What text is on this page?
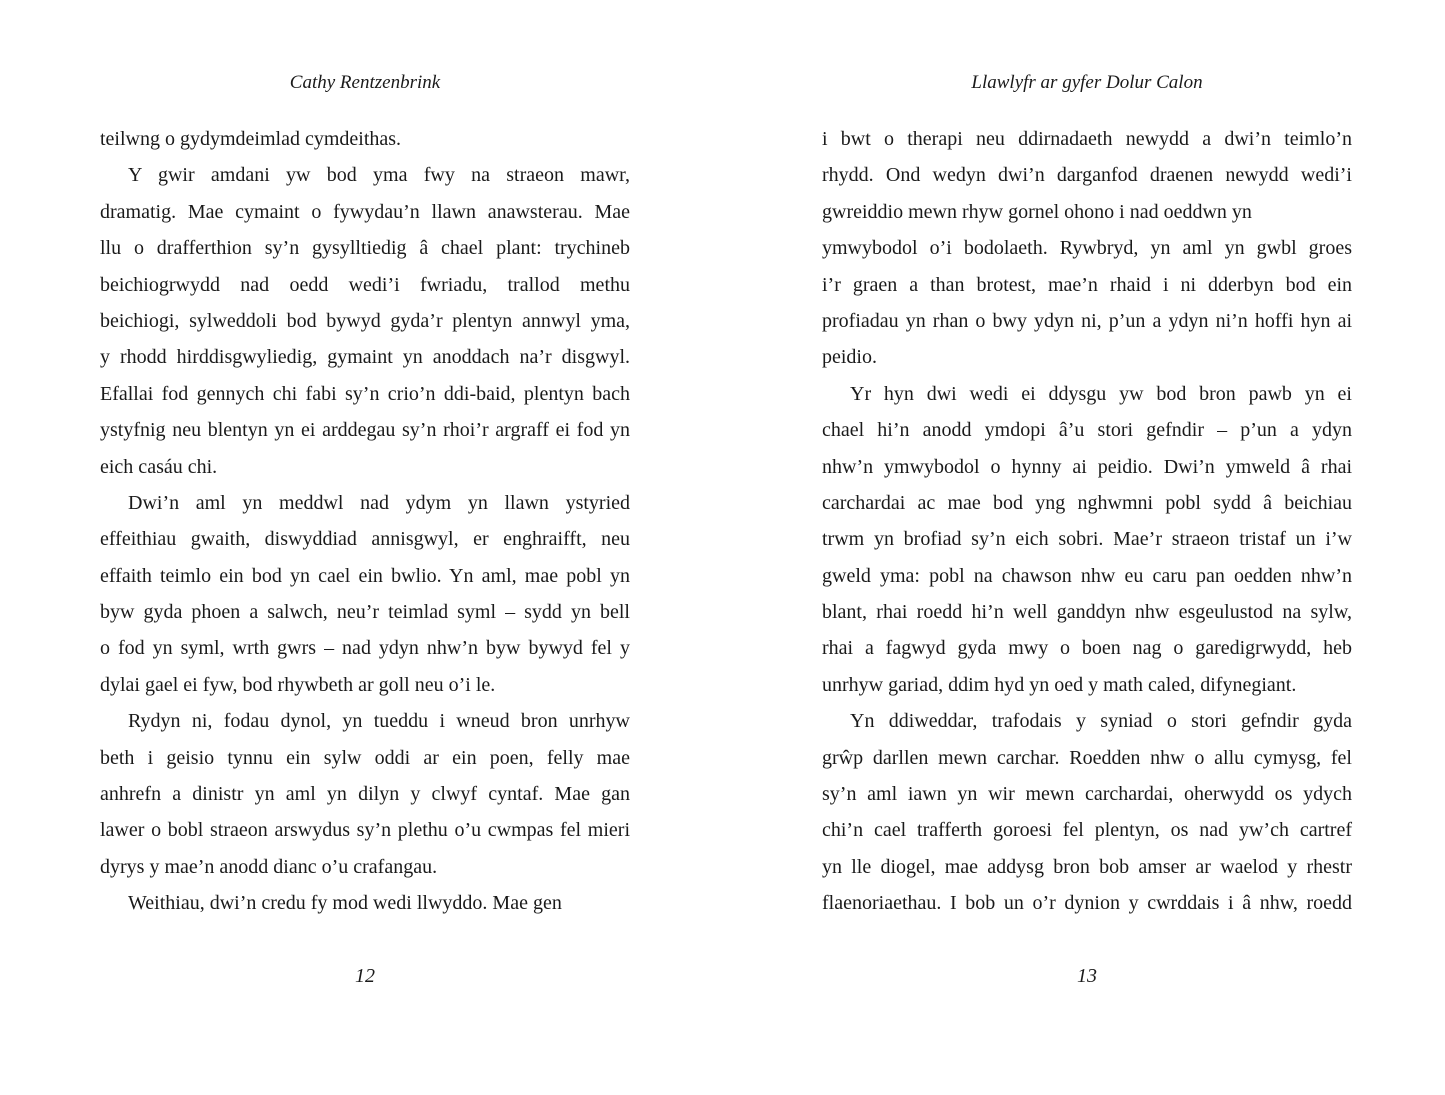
Cathy Rentzenbrink
teilwng o gydymdeimlad cymdeithas.
Y gwir amdani yw bod yma fwy na straeon mawr,
dramatig. Mae cymaint o fywydau’n llawn anawsterau. Mae
llu o drafferthion sy’n gysylltiedig â chael plant: trychineb
beichiogrwydd nad oedd wedi’i fwriadu, trallod methu
beichiogi, sylweddoli bod bywyd gyda’r plentyn annwyl yma,
y rhodd hirddisgwyliedig, gymaint yn anoddach na’r disgwyl.
Efallai fod gennych chi fabi sy’n crio’n ddi-baid, plentyn bach
ystyfnig neu blentyn yn ei arddegau sy’n rhoi’r argraff ei fod yn
eich casáu chi.
Dwi’n aml yn meddwl nad ydym yn llawn ystyried
effeithiau gwaith, diswyddiad annisgwyl, er enghraifft, neu
effaith teimlo ein bod yn cael ein bwlio. Yn aml, mae pobl yn
byw gyda phoen a salwch, neu’r teimlad syml – sydd yn bell
o fod yn syml, wrth gwrs – nad ydyn nhw’n byw bywyd fel y
dylai gael ei fyw, bod rhywbeth ar goll neu o’i le.
Rydyn ni, fodau dynol, yn tueddu i wneud bron unrhyw
beth i geisio tynnu ein sylw oddi ar ein poen, felly mae
anhrefn a dinistr yn aml yn dilyn y clwyf cyntaf. Mae gan
lawer o bobl straeon arswydus sy’n plethu o’u cwmpas fel mieri
dyrys y mae’n anodd dianc o’u crafangau.
Weithiau, dwi’n credu fy mod wedi llwyddo. Mae gen
12
Llawlyfr ar gyfer Dolur Calon
i bwt o therapi neu ddirnadaeth newydd a dwi’n teimlo’n
rhydd. Ond wedyn dwi’n darganfod draenen newydd wedi’i
gwreiddio mewn rhyw gornel ohono i nad oeddwn yn
ymwybodol o’i bodolaeth. Rywbryd, yn aml yn gwbl groes
i’r graen a than brotest, mae’n rhaid i ni dderbyn bod ein
profiadau yn rhan o bwy ydyn ni, p’un a ydyn ni’n hoffi hyn ai
peidio.
Yr hyn dwi wedi ei ddysgu yw bod bron pawb yn ei
chael hi’n anodd ymdopi â’u stori gefndir – p’un a ydyn
nhw’n ymwybodol o hynny ai peidio. Dwi’n ymweld â rhai
carchardai ac mae bod yng nghwmni pobl sydd â beichiau
trwm yn brofiad sy’n eich sobri. Mae’r straeon tristaf un i’w
gweld yma: pobl na chawson nhw eu caru pan oedden nhw’n
blant, rhai roedd hi’n well ganddyn nhw esgeulustod na sylw,
rhai a fagwyd gyda mwy o boen nag o garedigrwydd, heb
unrhyw gariad, ddim hyd yn oed y math caled, difynegiant.
Yn ddiweddar, trafodais y syniad o stori gefndir gyda
grŵp darllen mewn carchar. Roedden nhw o allu cymysg, fel
sy’n aml iawn yn wir mewn carchardai, oherwydd os ydych
chi’n cael trafferth goroesi fel plentyn, os nad yw’ch cartref
yn lle diogel, mae addysg bron bob amser ar waelod y rhestr
flaenoriaethau. I bob un o’r dynion y cwrddais i â nhw, roedd
13
